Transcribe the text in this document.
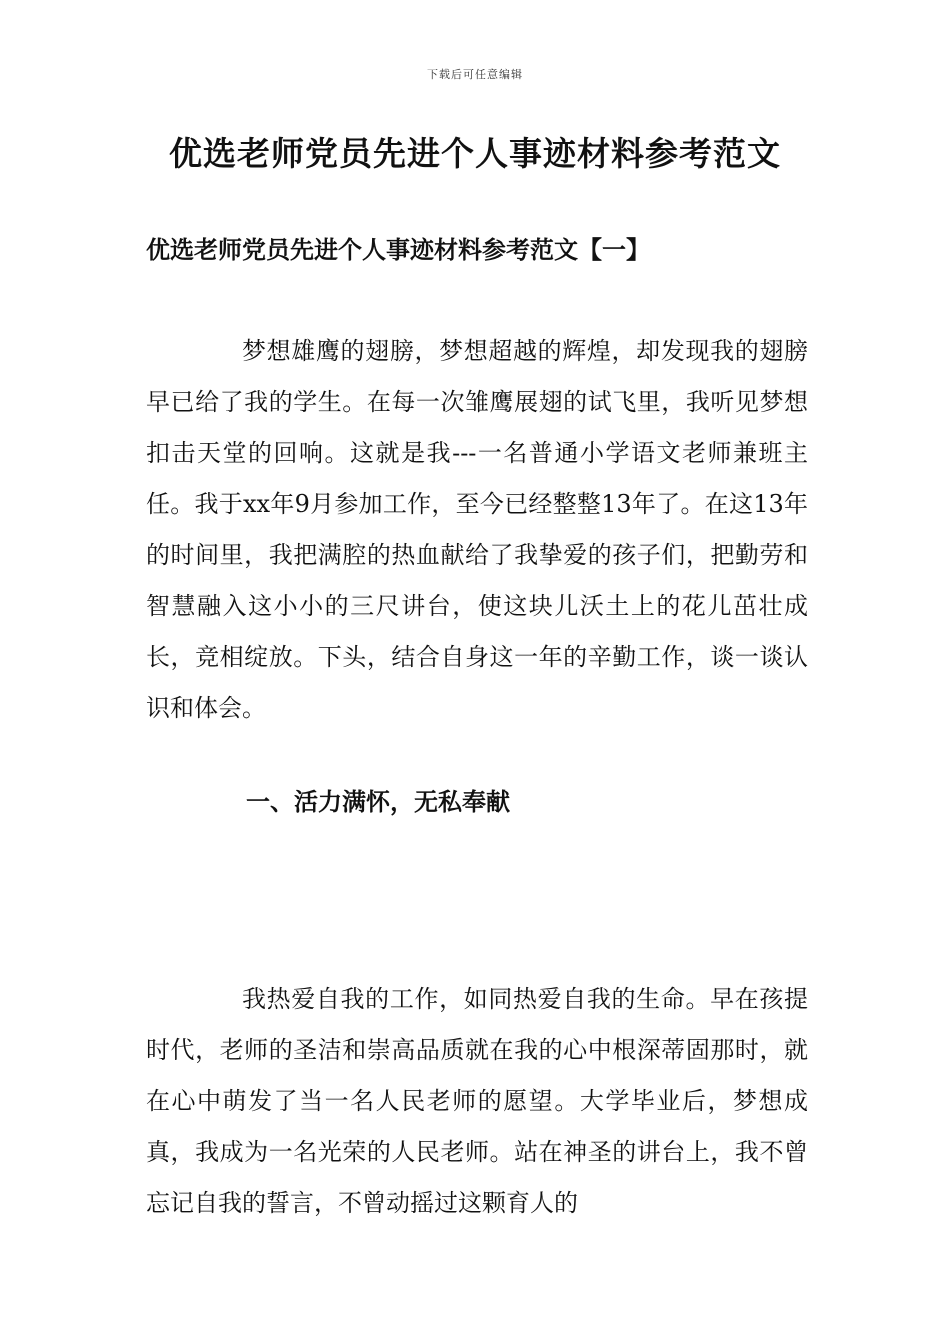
下载后可任意编辑
优选老师党员先进个人事迹材料参考范文
优选老师党员先进个人事迹材料参考范文【一】

梦想雄鹰的翅膀，梦想超越的辉煌，却发现我的翅膀早已给了我的学生。在每一次雏鹰展翅的试飞里，我听见梦想扣击天堂的回响。这就是我---一名普通小学语文老师兼班主任。我于xx年9月参加工作，至今已经整整13年了。在这13年的时间里，我把满腔的热血献给了我挚爱的孩子们，把勤劳和智慧融入这小小的三尺讲台，使这块儿沃土上的花儿茁壮成长，竞相绽放。下头，结合自身这一年的辛勤工作，谈一谈认识和体会。

一、活力满怀，无私奉献

我热爱自我的工作，如同热爱自我的生命。早在孩提时代，老师的圣洁和崇高品质就在我的心中根深蒂固那时，就在心中萌发了当一名人民老师的愿望。大学毕业后，梦想成真，我成为一名光荣的人民老师。站在神圣的讲台上，我不曾忘记自我的誓言，不曾动摇过这颗育人的
